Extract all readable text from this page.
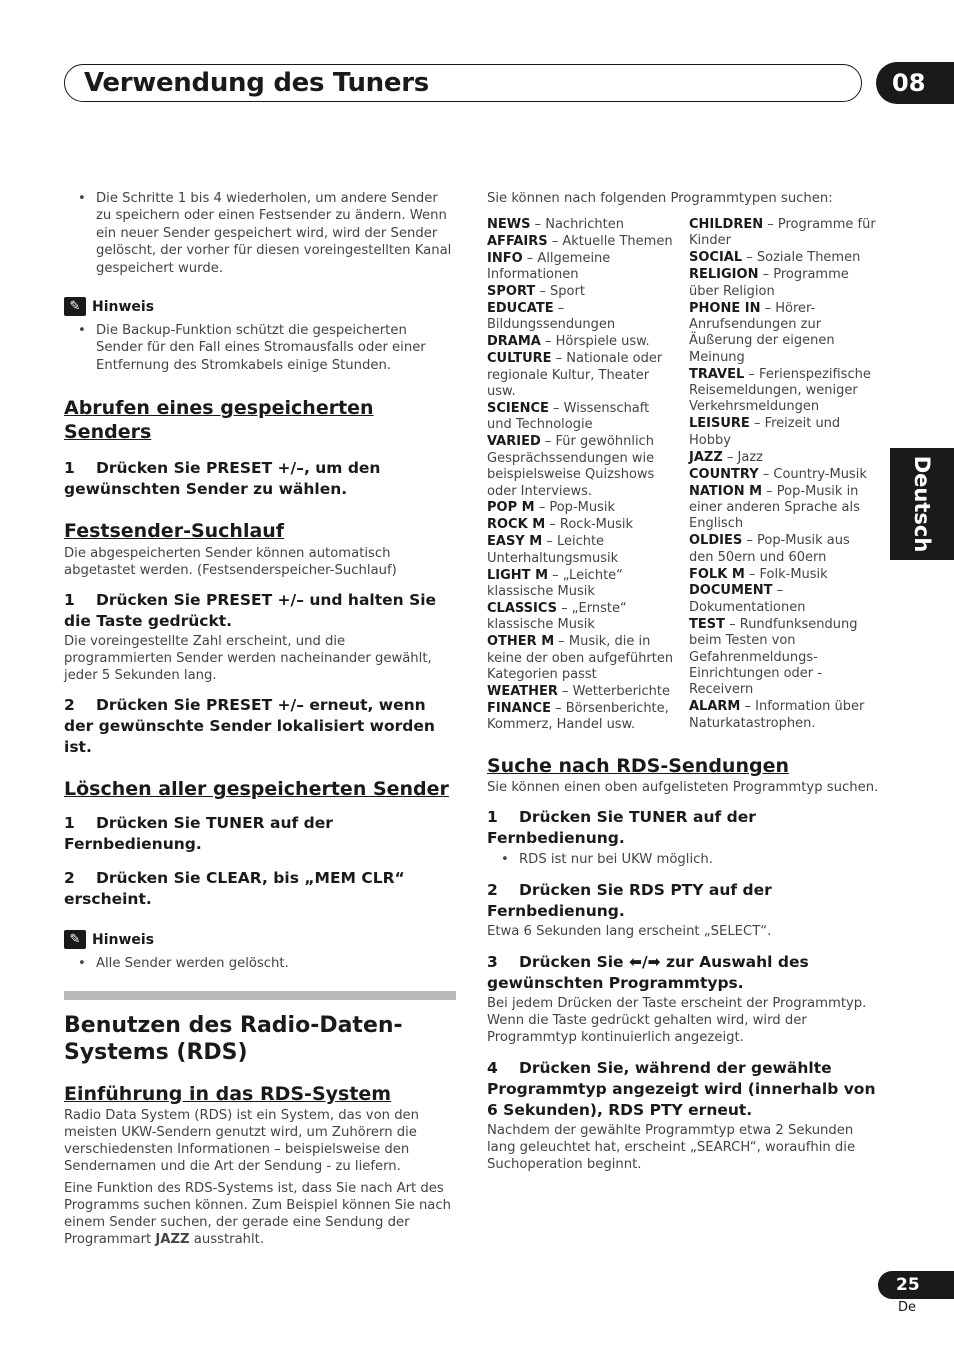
Verwendung des Tuners	08
Deutsch
25
De

• Die Schritte 1 bis 4 wiederholen, um andere Sender zu speichern oder einen Festsender zu ändern. Wenn ein neuer Sender gespeichert wird, wird der Sender gelöscht, der vorher für diesen voreingestellten Kanal gespeichert wurde.

✎ Hinweis

• Die Backup-Funktion schützt die gespeicherten Sender für den Fall eines Stromausfalls oder einer Entfernung des Stromkabels einige Stunden.

Abrufen eines gespeicherten Senders

1 Drücken Sie PRESET +/–, um den gewünschten Sender zu wählen.

Festsender-Suchlauf

Die abgespeicherten Sender können automatisch abgetastet werden. (Festsenderspeicher-Suchlauf)

1 Drücken Sie PRESET +/– und halten Sie die Taste gedrückt.

Die voreingestellte Zahl erscheint, und die programmierten Sender werden nacheinander gewählt, jeder 5 Sekunden lang.

2 Drücken Sie PRESET +/– erneut, wenn der gewünschte Sender lokalisiert worden ist.

Löschen aller gespeicherten Sender

1 Drücken Sie TUNER auf der Fernbedienung.

2 Drücken Sie CLEAR, bis „MEM CLR“ erscheint.

✎ Hinweis

• Alle Sender werden gelöscht.

Benutzen des Radio-Daten-Systems (RDS)
Einführung in das RDS-System

Radio Data System (RDS) ist ein System, das von den meisten UKW-Sendern genutzt wird, um Zuhörern die verschiedensten Informationen – beispielsweise den Sendernamen und die Art der Sendung - zu liefern.

Eine Funktion des RDS-Systems ist, dass Sie nach Art des Programms suchen können. Zum Beispiel können Sie nach einem Sender suchen, der gerade eine Sendung der Programmart JAZZ ausstrahlt.

Sie können nach folgenden Programmtypen suchen:

NEWS – Nachrichten

AFFAIRS – Aktuelle Themen

INFO – Allgemeine Informationen

SPORT – Sport

EDUCATE – Bildungssendungen

DRAMA – Hörspiele usw.

CULTURE – Nationale oder regionale Kultur, Theater usw.

SCIENCE – Wissenschaft und Technologie

VARIED – Für gewöhnlich Gesprächssendungen wie beispielsweise Quizshows oder Interviews.

POP M – Pop-Musik

ROCK M – Rock-Musik

EASY M – Leichte Unterhaltungsmusik

LIGHT M – „Leichte“ klassische Musik

CLASSICS – „Ernste“ klassische Musik

OTHER M – Musik, die in keine der oben aufgeführten Kategorien passt

WEATHER – Wetterberichte

FINANCE – Börsenberichte, Kommerz, Handel usw.

CHILDREN – Programme für Kinder

SOCIAL – Soziale Themen

RELIGION – Programme über Religion

PHONE IN – Hörer-Anrufsendungen zur Äußerung der eigenen Meinung

TRAVEL – Ferienspezifische Reisemeldungen, weniger Verkehrsmeldungen

LEISURE – Freizeit und Hobby

JAZZ – Jazz

COUNTRY – Country-Musik

NATION M – Pop-Musik in einer anderen Sprache als Englisch

OLDIES – Pop-Musik aus den 50ern und 60ern

FOLK M – Folk-Musik

DOCUMENT – Dokumentationen

TEST – Rundfunksendung beim Testen von Gefahrenmeldungs-Einrichtungen oder -Receivern

ALARM – Information über Naturkatastrophen.

Suche nach RDS-Sendungen

Sie können einen oben aufgelisteten Programmtyp suchen.

1 Drücken Sie TUNER auf der Fernbedienung.

• RDS ist nur bei UKW möglich.

2 Drücken Sie RDS PTY auf der Fernbedienung.

Etwa 6 Sekunden lang erscheint „SELECT“.

3 Drücken Sie ⬅/➡ zur Auswahl des gewünschten Programmtyps.

Bei jedem Drücken der Taste erscheint der Programmtyp. Wenn die Taste gedrückt gehalten wird, wird der Programmtyp kontinuierlich angezeigt.

4 Drücken Sie, während der gewählte Programmtyp angezeigt wird (innerhalb von 6 Sekunden), RDS PTY erneut.

Nachdem der gewählte Programmtyp etwa 2 Sekunden lang geleuchtet hat, erscheint „SEARCH“, woraufhin die Suchoperation beginnt.
